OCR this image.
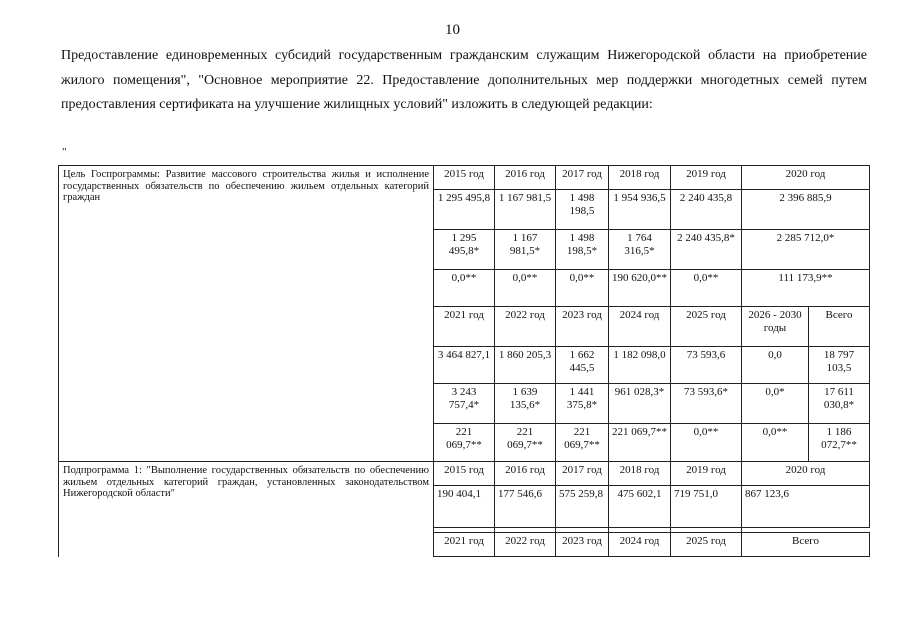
10

Предоставление единовременных субсидий государственным гражданским служащим Нижегородской области на приобретение жилого помещения", "Основное мероприятие 22. Предоставление дополнительных мер поддержки многодетных семей путем предоставления сертификата на улучшение жилищных условий" изложить в следующей редакции:

"
Цель Госпрограммы: Развитие массового строительства жилья и исполнение государственных обязательств по обеспечению жильем отдельных категорий граждан	2015 год	2016 год	2017 год	2018 год	2019 год	2020 год	
	1 295 495,8	1 167 981,5	1 498 198,5	1 954 936,5	2 240 435,8	2 396 885,9	
	1 295 495,8*	1 167 981,5*	1 498 198,5*	1 764 316,5*	2 240 435,8*	2 285 712,0*	
	0,0**	0,0**	0,0**	190 620,0**	0,0**	111 173,9**	
	2021 год	2022 год	2023 год	2024 год	2025 год	2026 - 2030 годы	Всего
	3 464 827,1	1 860 205,3	1 662 445,5	1 182 098,0	73 593,6	0,0	18 797 103,5
	3 243 757,4*	1 639 135,6*	1 441 375,8*	961 028,3*	73 593,6*	0,0*	17 611 030,8*
	221 069,7**	221 069,7**	221 069,7**	221 069,7**	0,0**	0,0**	1 186 072,7**
Подпрограмма 1: "Выполнение государственных обязательств по обеспечению жильем отдельных категорий граждан, установленных законодательством Нижегородской области"	2015 год	2016 год	2017 год	2018 год	2019 год	2020 год	
	190 404,1	177 546,6	575 259,8	475 602,1	719 751,0	867 123,6	

	2021 год	2022 год	2023 год	2024 год	2025 год	Всего	
